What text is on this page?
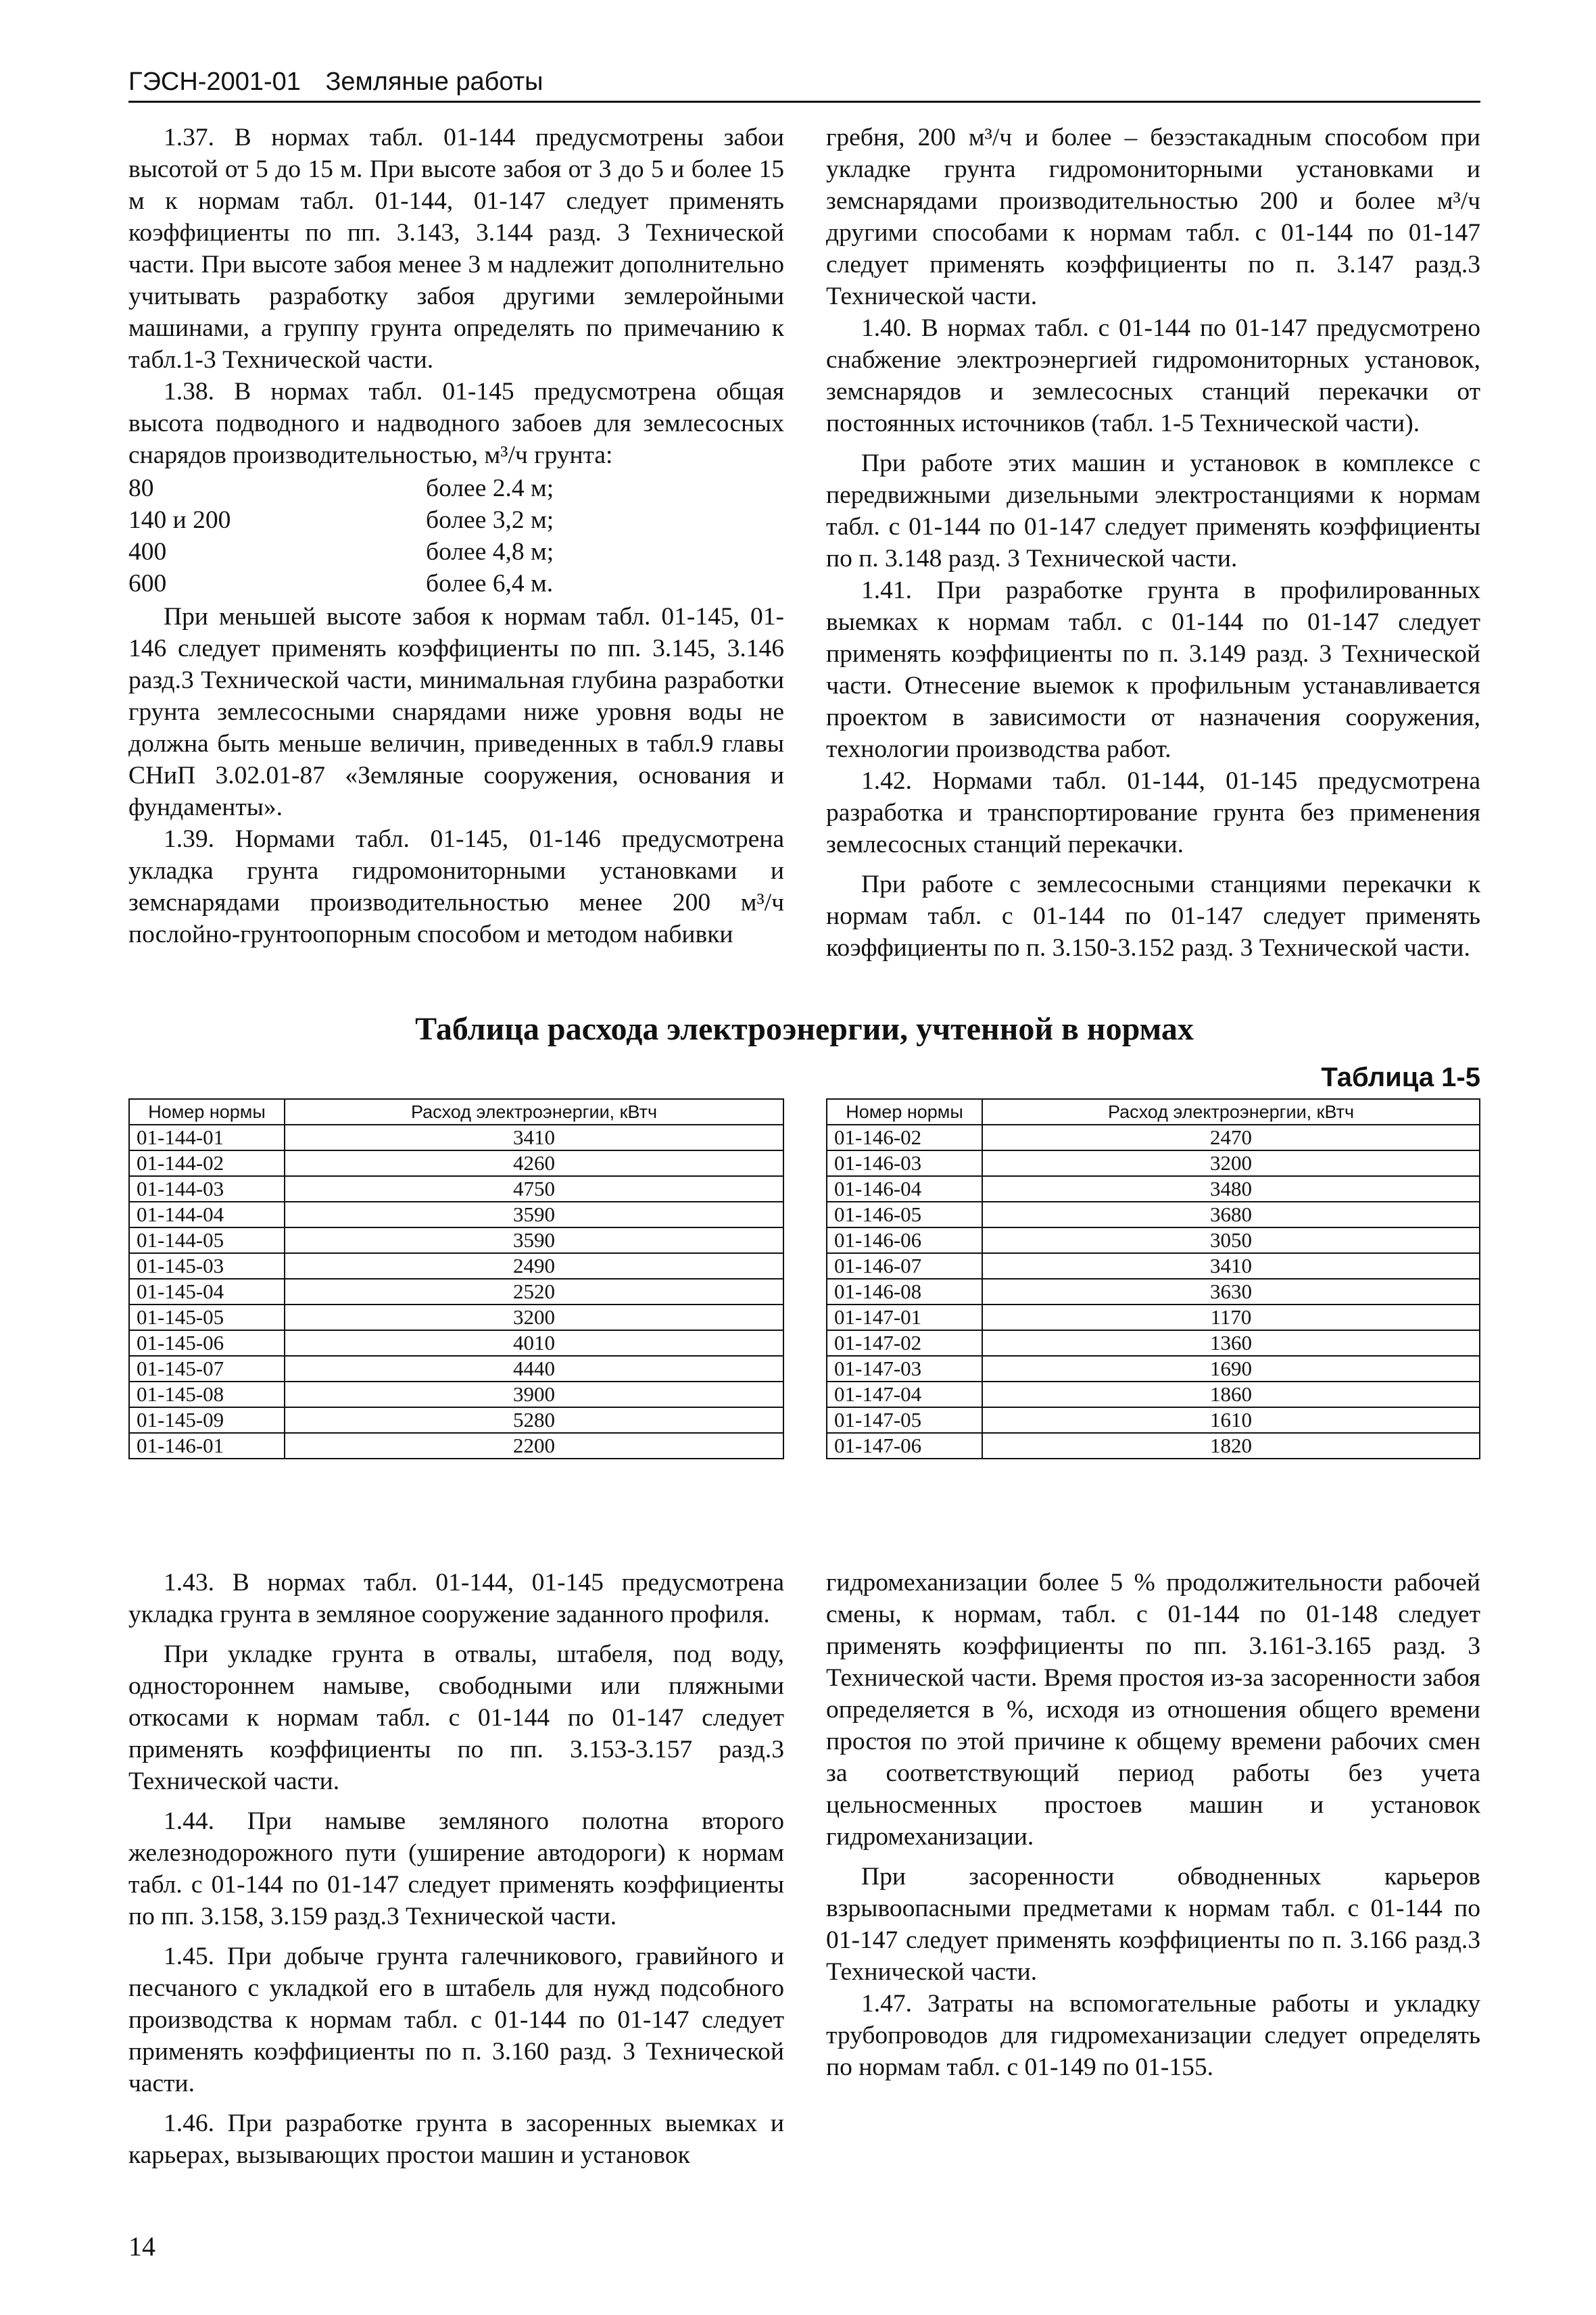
ГЭСН-2001-01 Земляные работы

1.37. В нормах табл. 01-144 предусмотрены забои высотой от 5 до 15 м. При высоте забоя от 3 до 5 и более 15 м к нормам табл. 01-144, 01-147 следует применять коэффициенты по пп. 3.143, 3.144 разд. 3 Технической части. При высоте забоя менее 3 м надлежит дополнительно учитывать разработку забоя другими землеройными машинами, а группу грунта определять по примечанию к табл.1-3 Технической части.

1.38. В нормах табл. 01-145 предусмотрена общая высота подводного и надводного забоев для землесосных снарядов производительностью, м³/ч грунта:

80	более 2.4 м;
140 и 200	более 3,2 м;
400	более 4,8 м;
600	более 6,4 м.

При меньшей высоте забоя к нормам табл. 01-145, 01-146 следует применять коэффициенты по пп. 3.145, 3.146 разд.3 Технической части, минимальная глубина разработки грунта землесосными снарядами ниже уровня воды не должна быть меньше величин, приведенных в табл.9 главы СНиП 3.02.01-87 «Земляные сооружения, основания и фундаменты».

1.39. Нормами табл. 01-145, 01-146 предусмотрена укладка грунта гидромониторными установками и земснарядами производительностью менее 200 м³/ч послойно-грунтоопорным способом и методом набивки

гребня, 200 м³/ч и более – безэстакадным способом при укладке грунта гидромониторными установками и земснарядами производительностью 200 и более м³/ч другими способами к нормам табл. с 01-144 по 01-147 следует применять коэффициенты по п. 3.147 разд.3 Технической части.

1.40. В нормах табл. с 01-144 по 01-147 предусмотрено снабжение электроэнергией гидромониторных установок, земснарядов и землесосных станций перекачки от постоянных источников (табл. 1-5 Технической части).

При работе этих машин и установок в комплексе с передвижными дизельными электростанциями к нормам табл. с 01-144 по 01-147 следует применять коэффициенты по п. 3.148 разд. 3 Технической части.

1.41. При разработке грунта в профилированных выемках к нормам табл. с 01-144 по 01-147 следует применять коэффициенты по п. 3.149 разд. 3 Технической части. Отнесение выемок к профильным устанавливается проектом в зависимости от назначения сооружения, технологии производства работ.

1.42. Нормами табл. 01-144, 01-145 предусмотрена разработка и транспортирование грунта без применения землесосных станций перекачки.

При работе с землесосными станциями перекачки к нормам табл. с 01-144 по 01-147 следует применять коэффициенты по п. 3.150-3.152 разд. 3 Технической части.

Таблица расхода электроэнергии, учтенной в нормах
Таблица 1-5
Номер нормы	Расход электроэнергии, кВтч
01-144-01	3410
01-144-02	4260
01-144-03	4750
01-144-04	3590
01-144-05	3590
01-145-03	2490
01-145-04	2520
01-145-05	3200
01-145-06	4010
01-145-07	4440
01-145-08	3900
01-145-09	5280
01-146-01	2200
Номер нормы	Расход электроэнергии, кВтч
01-146-02	2470
01-146-03	3200
01-146-04	3480
01-146-05	3680
01-146-06	3050
01-146-07	3410
01-146-08	3630
01-147-01	1170
01-147-02	1360
01-147-03	1690
01-147-04	1860
01-147-05	1610
01-147-06	1820

1.43. В нормах табл. 01-144, 01-145 предусмотрена укладка грунта в земляное сооружение заданного профиля.

При укладке грунта в отвалы, штабеля, под воду, одностороннем намыве, свободными или пляжными откосами к нормам табл. с 01-144 по 01-147 следует применять коэффициенты по пп. 3.153-3.157 разд.3 Технической части.

1.44. При намыве земляного полотна второго железнодорожного пути (уширение автодороги) к нормам табл. с 01-144 по 01-147 следует применять коэффициенты по пп. 3.158, 3.159 разд.3 Технической части.

1.45. При добыче грунта галечникового, гравийного и песчаного с укладкой его в штабель для нужд подсобного производства к нормам табл. с 01-144 по 01-147 следует применять коэффициенты по п. 3.160 разд. 3 Технической части.

1.46. При разработке грунта в засоренных выемках и карьерах, вызывающих простои машин и установок

гидромеханизации более 5 % продолжительности рабочей смены, к нормам, табл. с 01-144 по 01-148 следует применять коэффициенты по пп. 3.161-3.165 разд. 3 Технической части. Время простоя из-за засоренности забоя определяется в %, исходя из отношения общего времени простоя по этой причине к общему времени рабочих смен за соответствующий период работы без учета цельносменных простоев машин и установок гидромеханизации.

При засоренности обводненных карьеров взрывоопасными предметами к нормам табл. с 01-144 по 01-147 следует применять коэффициенты по п. 3.166 разд.3 Технической части.

1.47. Затраты на вспомогательные работы и укладку трубопроводов для гидромеханизации следует определять по нормам табл. с 01-149 по 01-155.

14
